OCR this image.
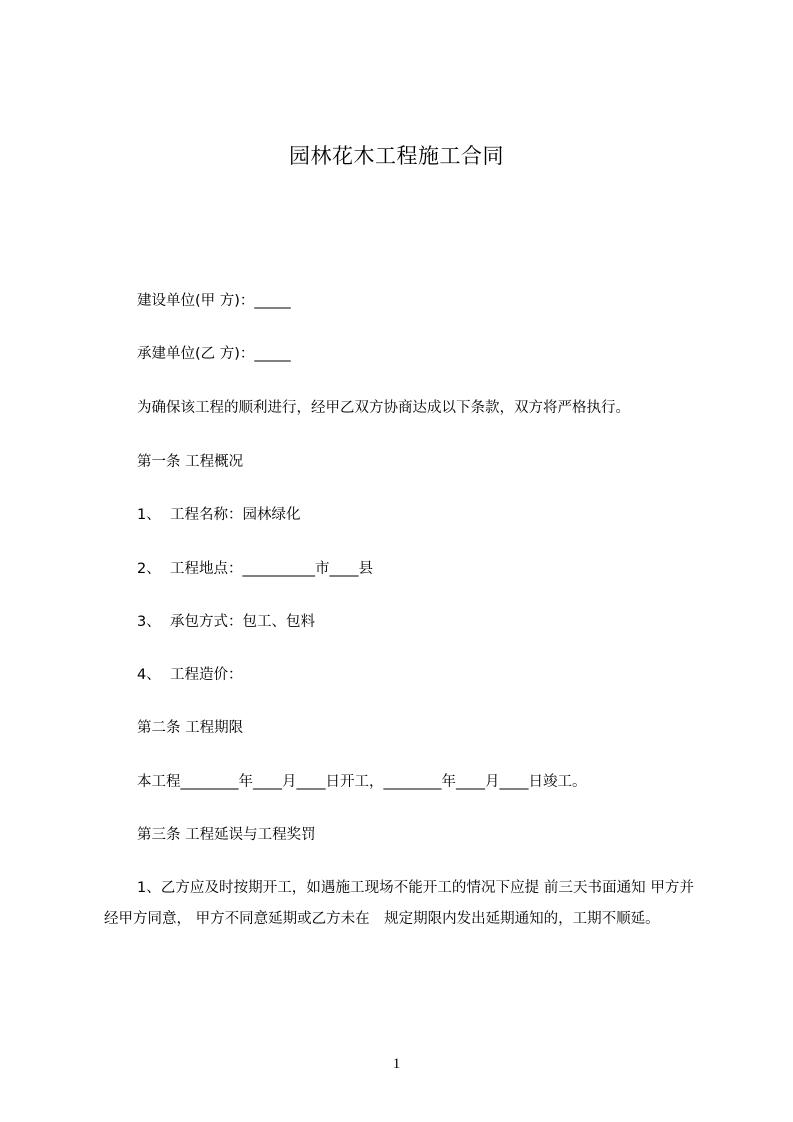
园林花木工程施工合同
建设单位(甲 方)：_____
承建单位(乙 方)：_____
为确保该工程的顺利进行，经甲乙双方协商达成以下条款，双方将严格执行。
第一条 工程概况
1、  工程名称：园林绿化
2、  工程地点：__________市____县
3、  承包方式：包工、包料
4、  工程造价：
第二条 工程期限
本工程________年____月____日开工，________年____月____日竣工。
第三条 工程延误与工程奖罚
1、乙方应及时按期开工，如遇施工现场不能开工的情况下应提 前三天书面通知 甲方并经甲方同意， 甲方不同意延期或乙方未在　规定期限内发出延期通知的，工期不顺延。
1
